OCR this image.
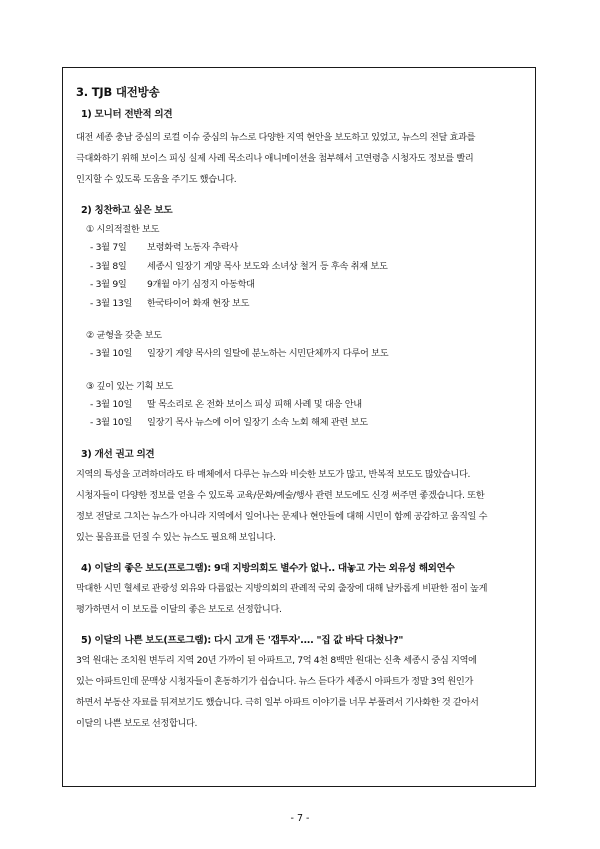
3. TJB 대전방송

1) 모니터 전반적 의견

대전 세종 충남 중심의 로컬 이슈 중심의 뉴스로 다양한 지역 현안을 보도하고 있었고, 뉴스의 전달 효과를

극대화하기 위해 보이스 피싱 실제 사례 목소리나 애니메이션을 첨부해서 고연령층 시청자도 정보를 빨리

인지할 수 있도록 도움을 주기도 했습니다.

2) 칭찬하고 싶은 보도

① 시의적절한 보도

- 3월 7일	보령화력 노동자 추락사
- 3월 8일	세종시 일장기 게양 목사 보도와 소녀상 철거 등 후속 취재 보도
- 3월 9일	9개월 아기 심정지 아동학대
- 3월 13일	한국타이어 화재 현장 보도

② 균형을 갖춘 보도

- 3월 10일	일장기 게양 목사의 일탈에 분노하는 시민단체까지 다루어 보도

③ 깊이 있는 기획 보도

- 3월 10일	딸 목소리로 온 전화 보이스 피싱 피해 사례 및 대응 안내
- 3월 10일	일장기 목사 뉴스에 이어 일장기 소속 노회 해체 관련 보도

3) 개선 권고 의견

지역의 특성을 고려하더라도 타 매체에서 다루는 뉴스와 비슷한 보도가 많고, 반복적 보도도 많았습니다.

시청자들이 다양한 정보를 얻을 수 있도록 교육/문화/예술/행사 관련 보도에도 신경 써주면 좋겠습니다. 또한

정보 전달로 그치는 뉴스가 아니라 지역에서 일어나는 문제나 현안들에 대해 시민이 함께 공감하고 움직일 수

있는 물음표를 던질 수 있는 뉴스도 필요해 보입니다.

4) 이달의 좋은 보도(프로그램): 9대 지방의회도 별수가 없나.. 대놓고 가는 외유성 해외연수

막대한 시민 혈세로 관광성 외유와 다름없는 지방의회의 관례적 국외 출장에 대해 날카롭게 비판한 점이 높게

평가하면서 이 보도를 이달의 좋은 보도로 선정합니다.

5) 이달의 나쁜 보도(프로그램): 다시 고개 든 '갭투자'.... "집 값 바닥 다쳤나?"

3억 원대는 조치원 변두리 지역 20년 가까이 된 아파트고, 7억 4천 8백만 원대는 신축 세종시 중심 지역에

있는 아파트인데 문맥상 시청자들이 혼동하기가 쉽습니다. 뉴스 듣다가 세종시 아파트가 정말 3억 원인가

하면서 부동산 자료를 뒤져보기도 했습니다. 극히 일부 아파트 이야기를 너무 부풀려서 기사화한 것 같아서

이달의 나쁜 보도로 선정합니다.

- 7 -
